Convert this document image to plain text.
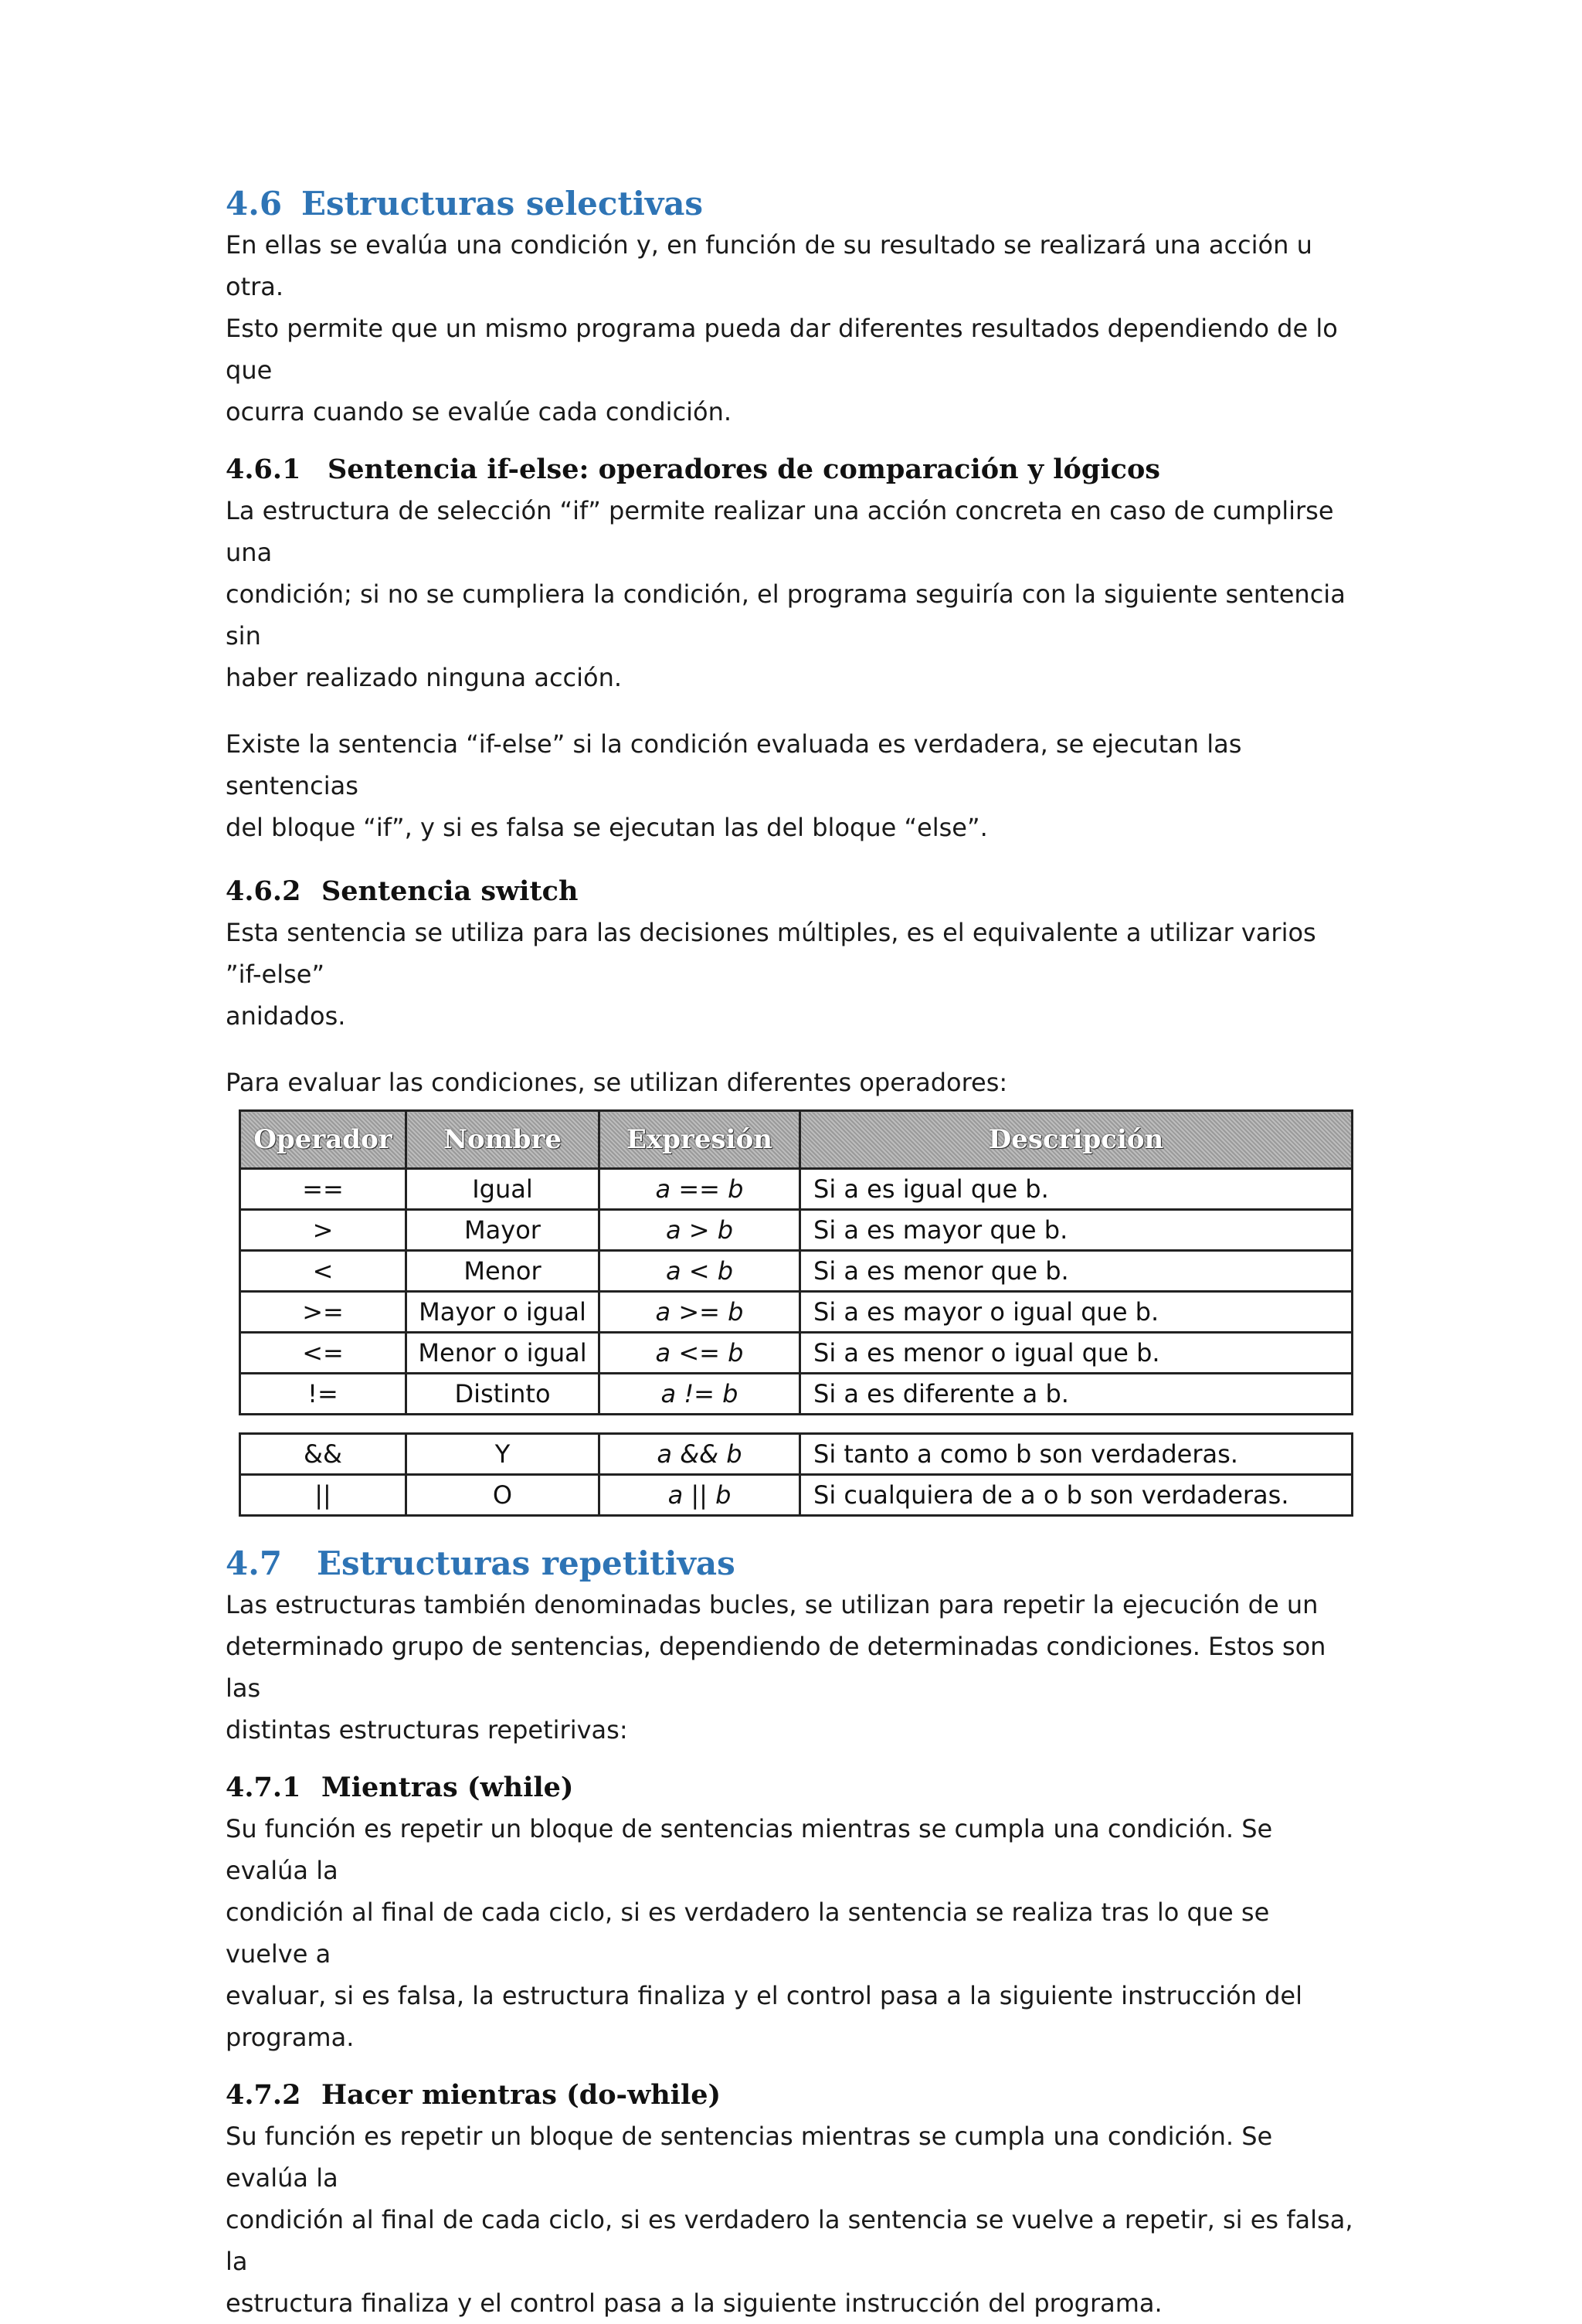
4.6 Estructuras selectivas

En ellas se evalúa una condición y, en función de su resultado se realizará una acción u otra.
Esto permite que un mismo programa pueda dar diferentes resultados dependiendo de lo que
ocurra cuando se evalúe cada condición.

4.6.1 Sentencia if-else: operadores de comparación y lógicos

La estructura de selección “if” permite realizar una acción concreta en caso de cumplirse una
condición; si no se cumpliera la condición, el programa seguiría con la siguiente sentencia sin
haber realizado ninguna acción.

Existe la sentencia “if-else” si la condición evaluada es verdadera, se ejecutan las sentencias
del bloque “if”, y si es falsa se ejecutan las del bloque “else”.

4.6.2 Sentencia switch

Esta sentencia se utiliza para las decisiones múltiples, es el equivalente a utilizar varios ”if-else”
anidados.

Para evaluar las condiciones, se utilizan diferentes operadores:

Operador	Nombre	Expresión	Descripción
==	Igual	a == b	Si a es igual que b.
>	Mayor	a > b	Si a es mayor que b.
<	Menor	a < b	Si a es menor que b.
>=	Mayor o igual	a >= b	Si a es mayor o igual que b.
<=	Menor o igual	a <= b	Si a es menor o igual que b.
!=	Distinto	a != b	Si a es diferente a b.
&&	Y	a && b	Si tanto a como b son verdaderas.
||	O	a || b	Si cualquiera de a o b son verdaderas.
4.7 Estructuras repetitivas

Las estructuras también denominadas bucles, se utilizan para repetir la ejecución de un
determinado grupo de sentencias, dependiendo de determinadas condiciones. Estos son las
distintas estructuras repetirivas:

4.7.1 Mientras (while)

Su función es repetir un bloque de sentencias mientras se cumpla una condición. Se evalúa la
condición al final de cada ciclo, si es verdadero la sentencia se realiza tras lo que se vuelve a
evaluar, si es falsa, la estructura finaliza y el control pasa a la siguiente instrucción del
programa.

4.7.2 Hacer mientras (do-while)

Su función es repetir un bloque de sentencias mientras se cumpla una condición. Se evalúa la
condición al final de cada ciclo, si es verdadero la sentencia se vuelve a repetir, si es falsa, la
estructura finaliza y el control pasa a la siguiente instrucción del programa.
